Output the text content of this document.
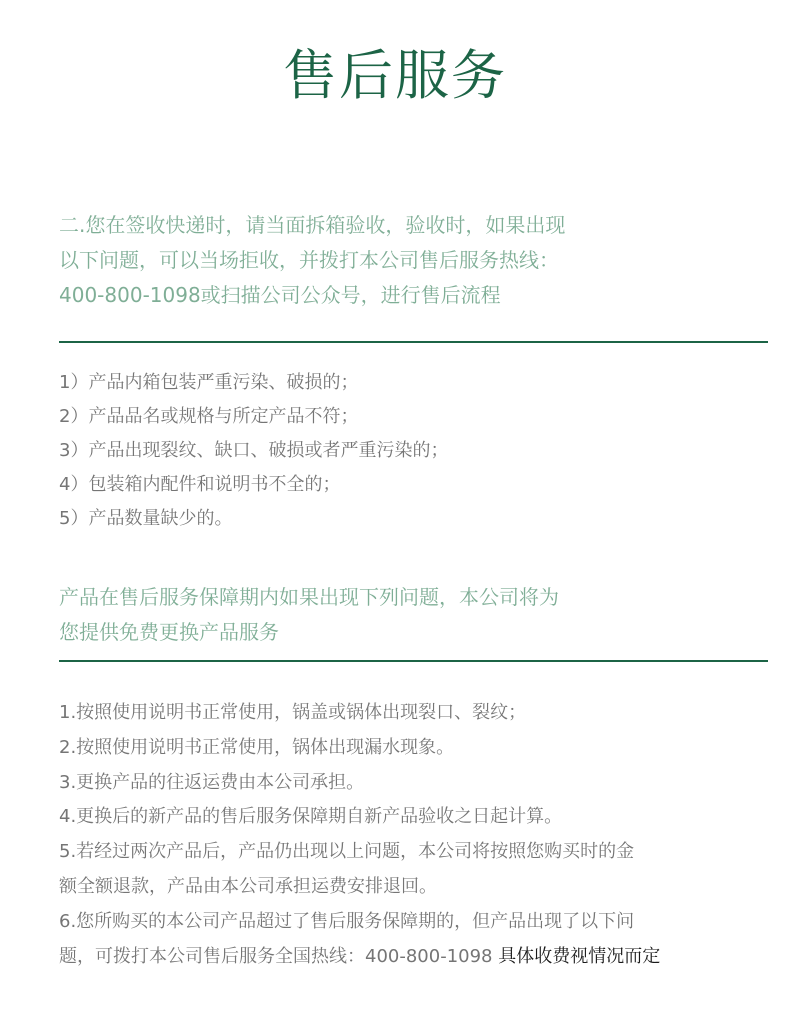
售后服务

二.您在签收快递时，请当面拆箱验收，验收时，如果出现

以下问题，可以当场拒收，并拨打本公司售后服务热线：

400-800-1098或扫描公司公众号，进行售后流程

1）产品内箱包装严重污染、破损的；
2）产品品名或规格与所定产品不符；
3）产品出现裂纹、缺口、破损或者严重污染的；
4）包装箱内配件和说明书不全的；
5）产品数量缺少的。

产品在售后服务保障期内如果出现下列问题，本公司将为

您提供免费更换产品服务

1.按照使用说明书正常使用，锅盖或锅体出现裂口、裂纹；
2.按照使用说明书正常使用，锅体出现漏水现象。
3.更换产品的往返运费由本公司承担。
4.更换后的新产品的售后服务保障期自新产品验收之日起计算。
5.若经过两次产品后，产品仍出现以上问题，本公司将按照您购买时的金
额全额退款，产品由本公司承担运费安排退回。
6.您所购买的本公司产品超过了售后服务保障期的，但产品出现了以下问
题，可拨打本公司售后服务全国热线：400-800-1098 具体收费视情况而定
